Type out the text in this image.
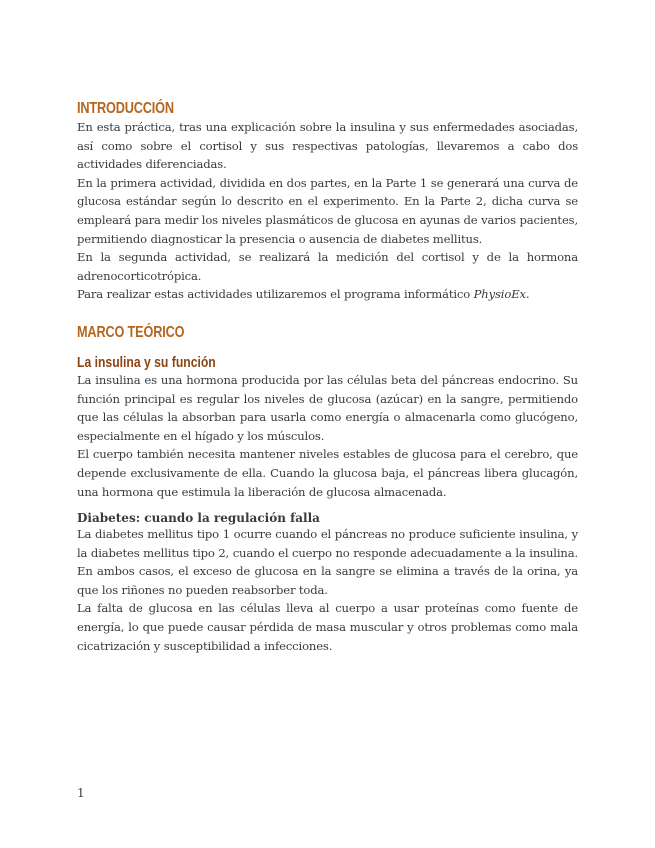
INTRODUCCIÓN

En esta práctica, tras una explicación sobre la insulina y sus enfermedades asociadas, así como sobre el cortisol y sus respectivas patologías, llevaremos a cabo dos actividades diferenciadas.

En la primera actividad, dividida en dos partes, en la Parte 1 se generará una curva de glucosa estándar según lo descrito en el experimento. En la Parte 2, dicha curva se empleará para medir los niveles plasmáticos de glucosa en ayunas de varios pacientes, permitiendo diagnosticar la presencia o ausencia de diabetes mellitus.

En la segunda actividad, se realizará la medición del cortisol y de la hormona adrenocorticotrópica.

Para realizar estas actividades utilizaremos el programa informático PhysioEx.

MARCO TEÓRICO
La insulina y su función

La insulina es una hormona producida por las células beta del páncreas endocrino. Su función principal es regular los niveles de glucosa (azúcar) en la sangre, permitiendo que las células la absorban para usarla como energía o almacenarla como glucógeno, especialmente en el hígado y los músculos.

El cuerpo también necesita mantener niveles estables de glucosa para el cerebro, que depende exclusivamente de ella. Cuando la glucosa baja, el páncreas libera glucagón, una hormona que estimula la liberación de glucosa almacenada.

Diabetes: cuando la regulación falla

La diabetes mellitus tipo 1 ocurre cuando el páncreas no produce suficiente insulina, y la diabetes mellitus tipo 2, cuando el cuerpo no responde adecuadamente a la insulina. En ambos casos, el exceso de glucosa en la sangre se elimina a través de la orina, ya que los riñones no pueden reabsorber toda.

La falta de glucosa en las células lleva al cuerpo a usar proteínas como fuente de energía, lo que puede causar pérdida de masa muscular y otros problemas como mala cicatrización y susceptibilidad a infecciones.

1
